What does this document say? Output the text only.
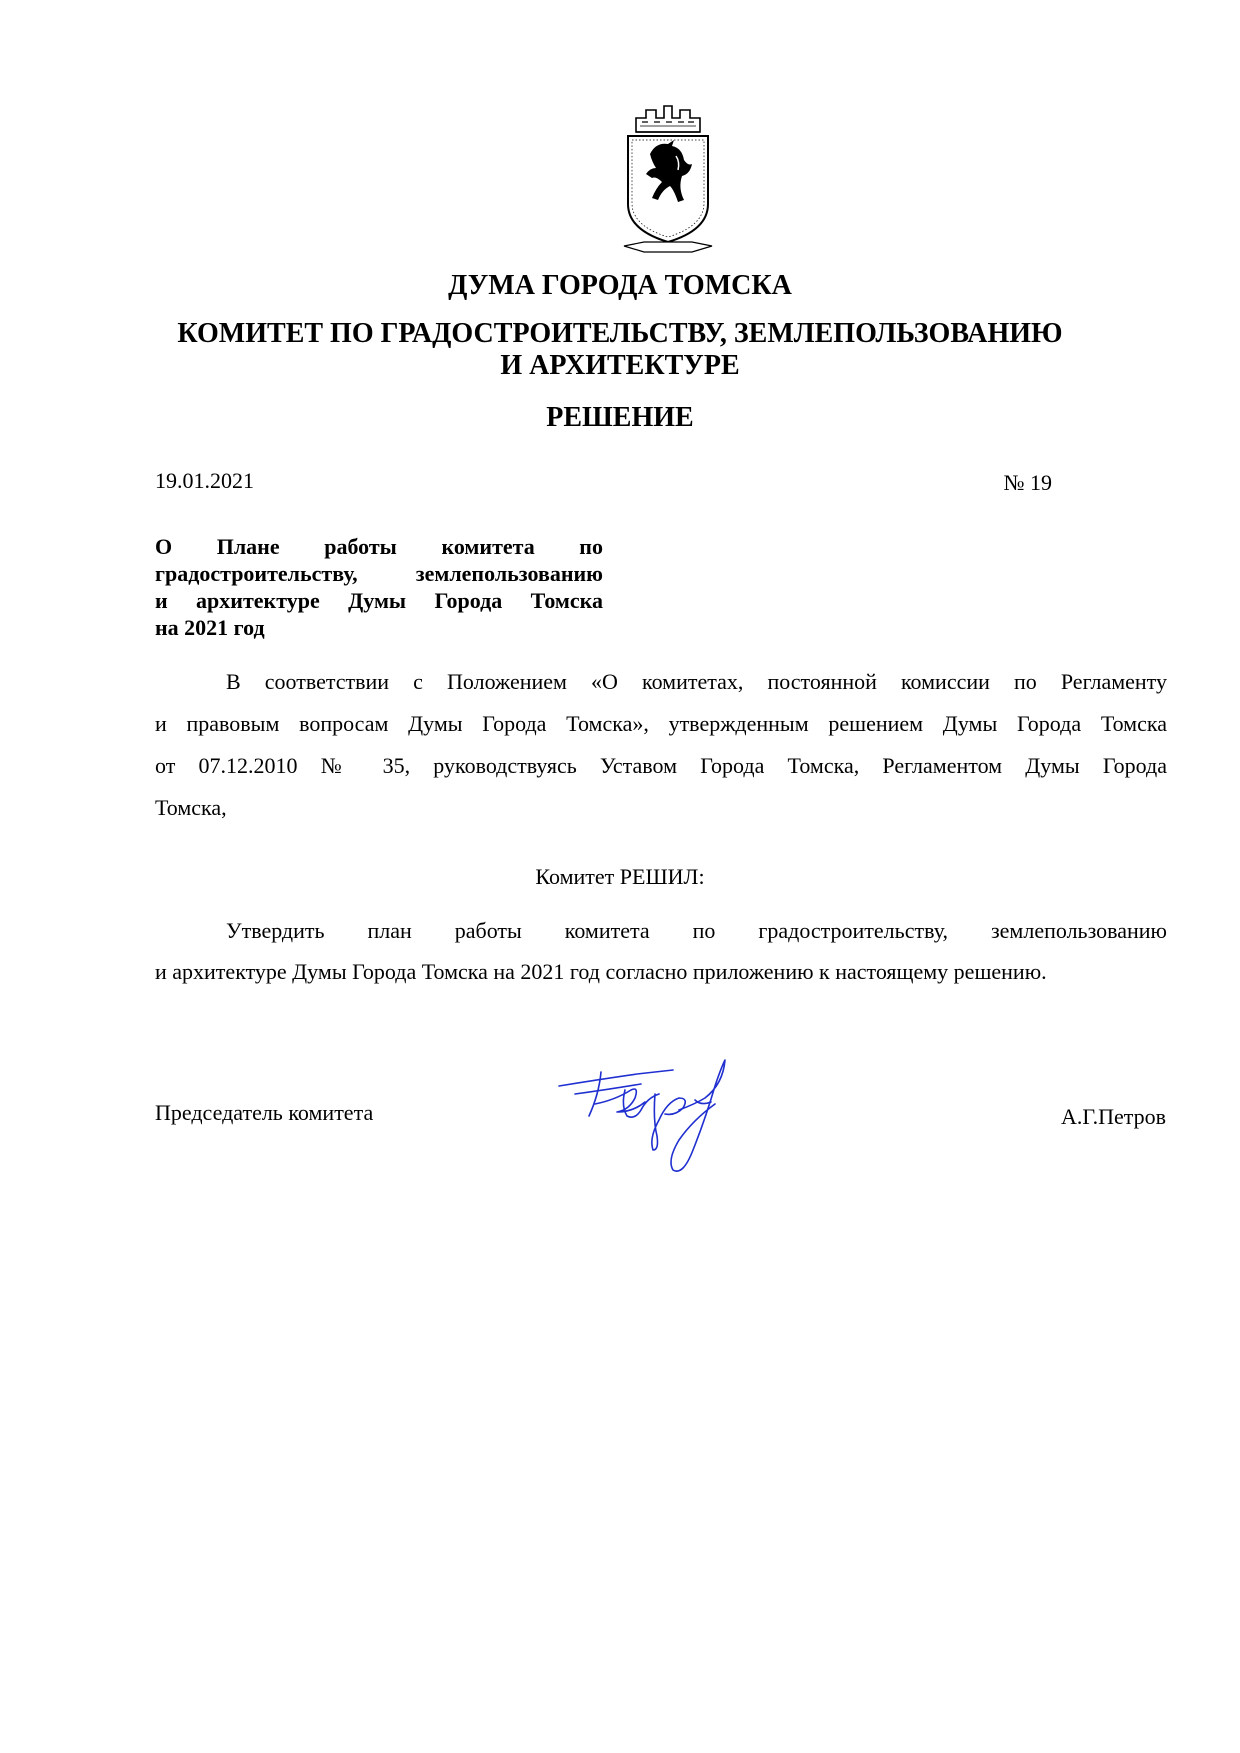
ДУМА ГОРОДА ТОМСКА
КОМИТЕТ ПО ГРАДОСТРОИТЕЛЬСТВУ, ЗЕМЛЕПОЛЬЗОВАНИЮ
И АРХИТЕКТУРЕ
РЕШЕНИЕ
19.01.2021	№ 19
О Плане работы комитета по
градостроительству, землепользованию
и архитектуре Думы Города Томска
на 2021 год
В соответствии с Положением «О комитетах, постоянной комиссии по Регламенту
и правовым вопросам Думы Города Томска», утвержденным решением Думы Города Томска
от 07.12.2010 № 35, руководствуясь Уставом Города Томска, Регламентом Думы Города
Томска,
Комитет РЕШИЛ:
Утвердить план работы комитета по градостроительству, землепользованию
и архитектуре Думы Города Томска на 2021 год согласно приложению к настоящему решению.
Председатель комитета	А.Г.Петров
